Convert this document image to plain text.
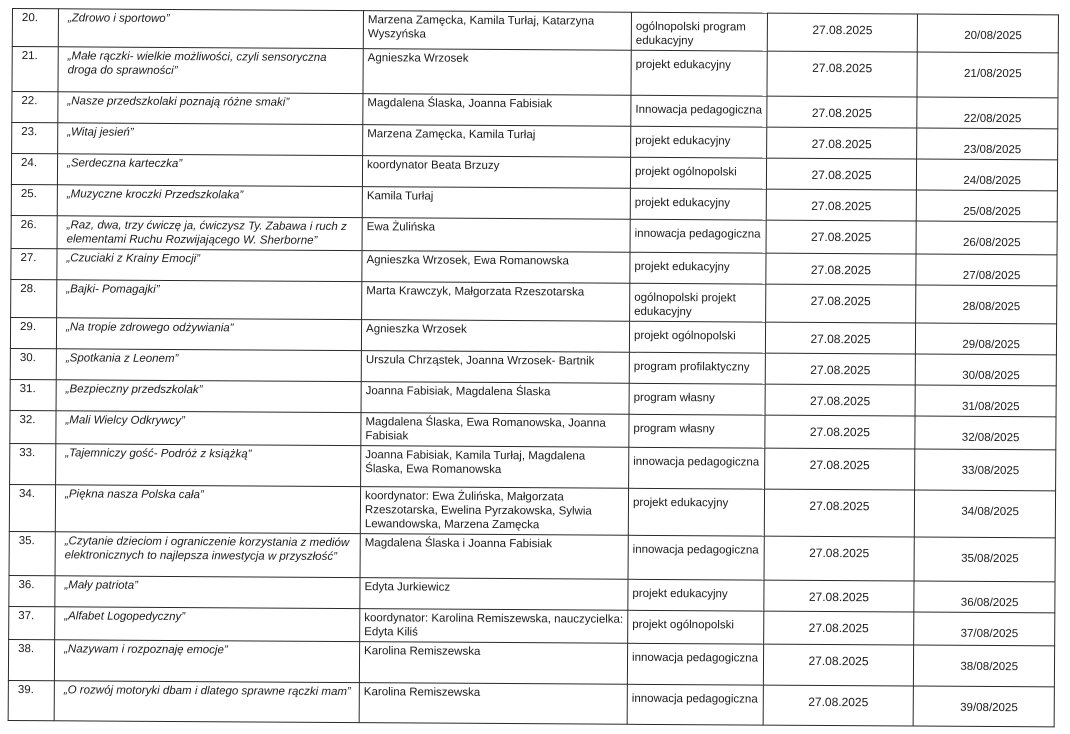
20.	„Zdrowo i sportowo”	Marzena Zamęcka, Kamila Turłaj, Katarzyna Wyszyńska	ogólnopolski program edukacyjny	27.08.2025	20/08/2025
21.	„Małe rączki- wielkie możliwości, czyli sensoryczna droga do sprawności”	Agnieszka Wrzosek	projekt edukacyjny	27.08.2025	21/08/2025
22.	„Nasze przedszkolaki poznają różne smaki”	Magdalena Ślaska, Joanna Fabisiak	Innowacja pedagogiczna	27.08.2025	22/08/2025
23.	„Witaj jesień”	Marzena Zamęcka, Kamila Turłaj	projekt edukacyjny	27.08.2025	23/08/2025
24.	„Serdeczna karteczka”	koordynator Beata Brzuzy	projekt ogólnopolski	27.08.2025	24/08/2025
25.	„Muzyczne kroczki Przedszkolaka”	Kamila Turłaj	projekt edukacyjny	27.08.2025	25/08/2025
26.	„Raz, dwa, trzy ćwiczę ja, ćwiczysz Ty. Zabawa i ruch z elementami Ruchu Rozwijającego W. Sherborne”	Ewa Żulińska	innowacja pedagogiczna	27.08.2025	26/08/2025
27.	„Czuciaki z Krainy Emocji”	Agnieszka Wrzosek, Ewa Romanowska	projekt edukacyjny	27.08.2025	27/08/2025
28.	„Bajki- Pomagajki”	Marta Krawczyk, Małgorzata Rzeszotarska	ogólnopolski projekt edukacyjny	27.08.2025	28/08/2025
29.	„Na tropie zdrowego odżywiania”	Agnieszka Wrzosek	projekt ogólnopolski	27.08.2025	29/08/2025
30.	„Spotkania z Leonem”	Urszula Chrząstek, Joanna Wrzosek- Bartnik	program profilaktyczny	27.08.2025	30/08/2025
31.	„Bezpieczny przedszkolak”	Joanna Fabisiak, Magdalena Ślaska	program własny	27.08.2025	31/08/2025
32.	„Mali Wielcy Odkrywcy”	Magdalena Ślaska, Ewa Romanowska, Joanna Fabisiak	program własny	27.08.2025	32/08/2025
33.	„Tajemniczy gość- Podróż z książką”	Joanna Fabisiak, Kamila Turłaj, Magdalena Ślaska, Ewa Romanowska	innowacja pedagogiczna	27.08.2025	33/08/2025
34.	„Piękna nasza Polska cała”	koordynator: Ewa Żulińska, Małgorzata Rzeszotarska, Ewelina Pyrzakowska, Sylwia Lewandowska, Marzena Zamęcka	projekt edukacyjny	27.08.2025	34/08/2025
35.	„Czytanie dzieciom i ograniczenie korzystania z mediów elektronicznych to najlepsza inwestycja w przyszłość”	Magdalena Ślaska i Joanna Fabisiak	innowacja pedagogiczna	27.08.2025	35/08/2025
36.	„Mały patriota”	Edyta Jurkiewicz	projekt edukacyjny	27.08.2025	36/08/2025
37.	„Alfabet Logopedyczny”	koordynator: Karolina Remiszewska, nauczycielka: Edyta Kiliś	projekt ogólnopolski	27.08.2025	37/08/2025
38.	„Nazywam i rozpoznaję emocje”	Karolina Remiszewska	innowacja pedagogiczna	27.08.2025	38/08/2025
39.	„O rozwój motoryki dbam i dlatego sprawne rączki mam”	Karolina Remiszewska	innowacja pedagogiczna	27.08.2025	39/08/2025
